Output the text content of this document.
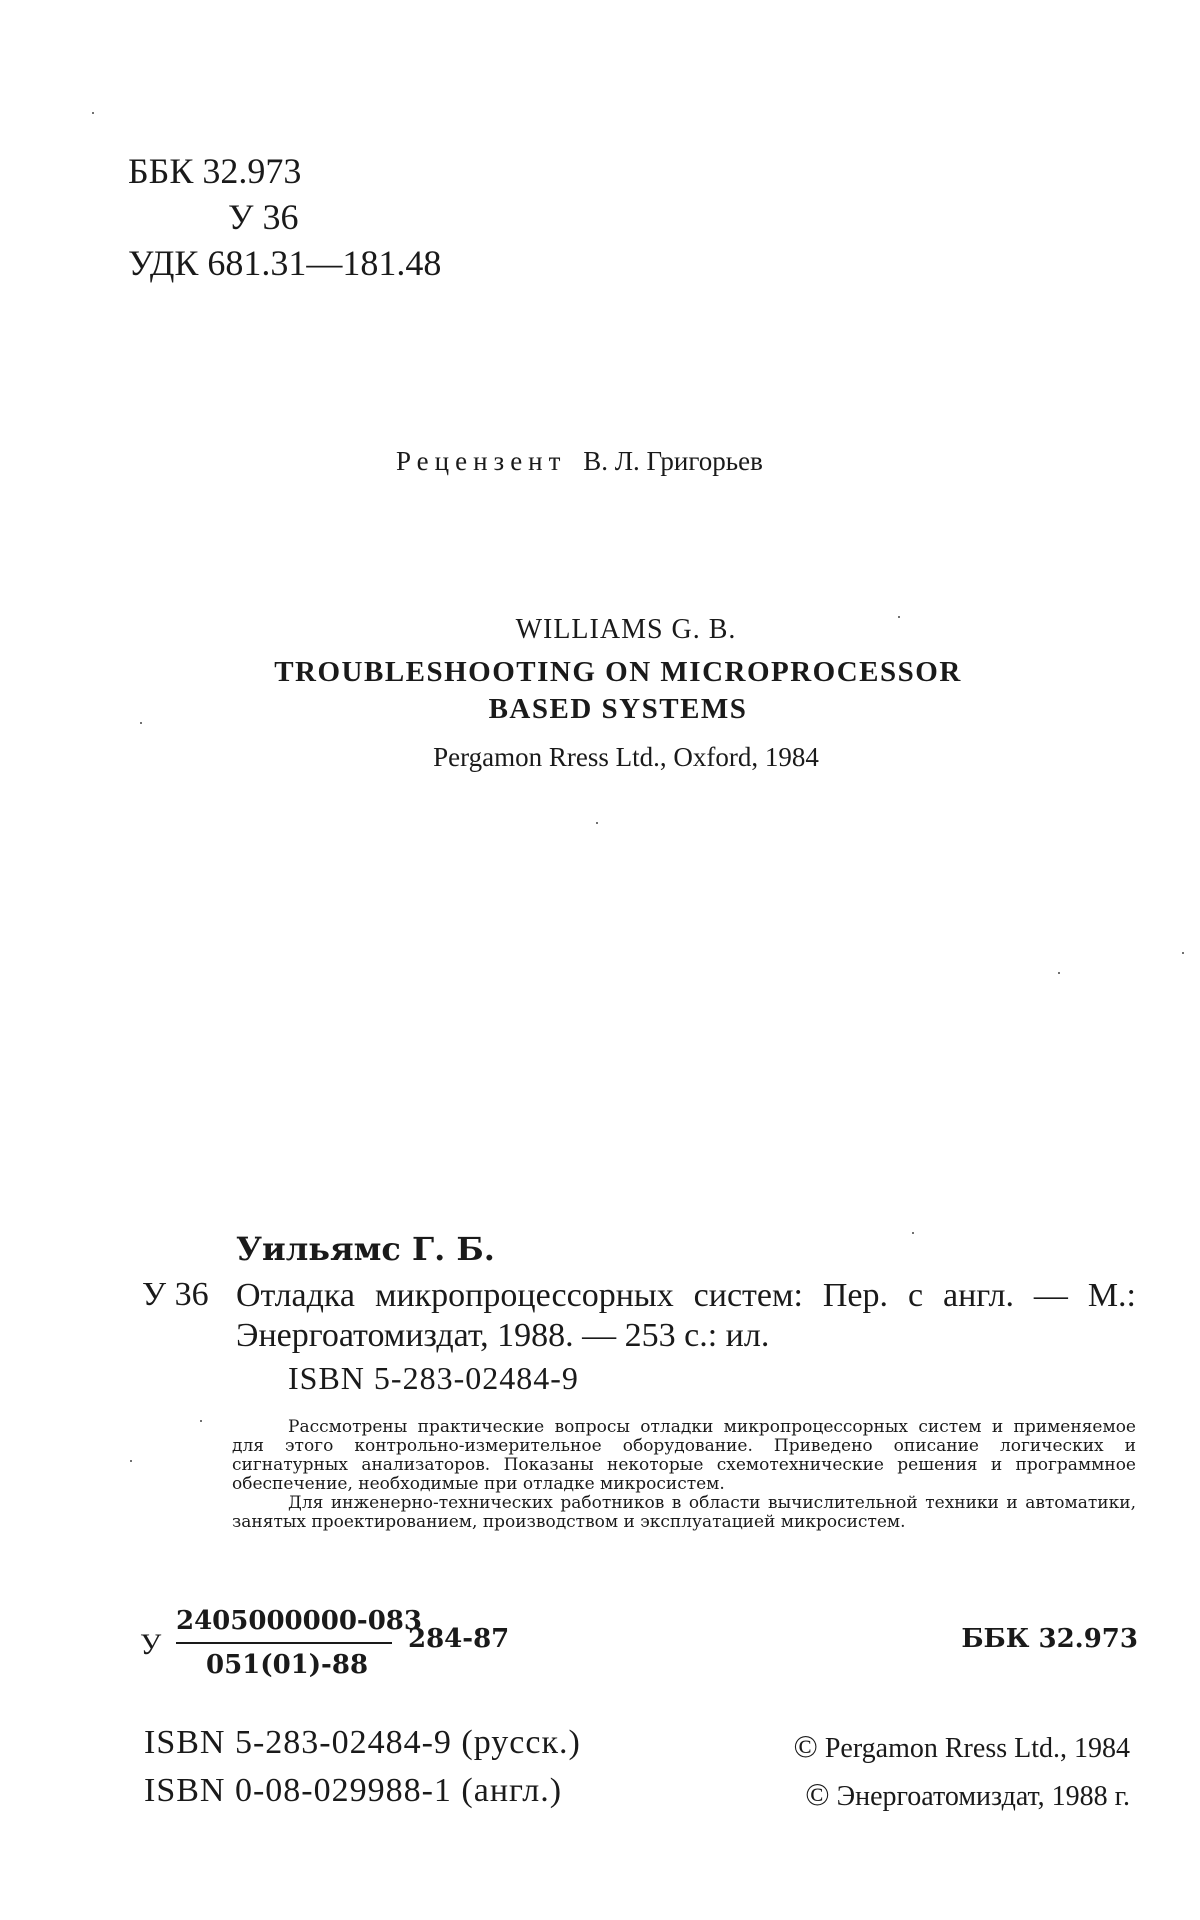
ББК 32.973
У 36
УДК 681.31—181.48
Рецензент В. Л. Григорьев
WILLIAMS G. B.
TROUBLESHOOTING ON MICROPROCESSOR
BASED SYSTEMS
Pergamon Rress Ltd., Oxford, 1984
Уильямс Г. Б.
У 36 Отладка микропроцессорных систем: Пер. с англ. — М.: Энергоатомиздат, 1988. — 253 с.: ил.
ISBN 5-283-02484-9

Рассмотрены практические вопросы отладки микропроцессорных систем и применяемое для этого контрольно-измерительное оборудование. Приведено описание логических и сигнатурных анализаторов. Показаны некоторые схемотехнические решения и программное обеспечение, необходимые при отладке микросистем.

Для инженерно-технических работников в области вычислительной техники и автоматики, занятых проектированием, производством и эксплуатацией микросистем.

У
2405000000-083
051(01)-88
284-87	ББК 32.973
ISBN 5-283-02484-9 (русск.)
ISBN 0-08-029988-1 (англ.)
© Pergamon Rress Ltd., 1984
© Энергоатомиздат, 1988 г.
